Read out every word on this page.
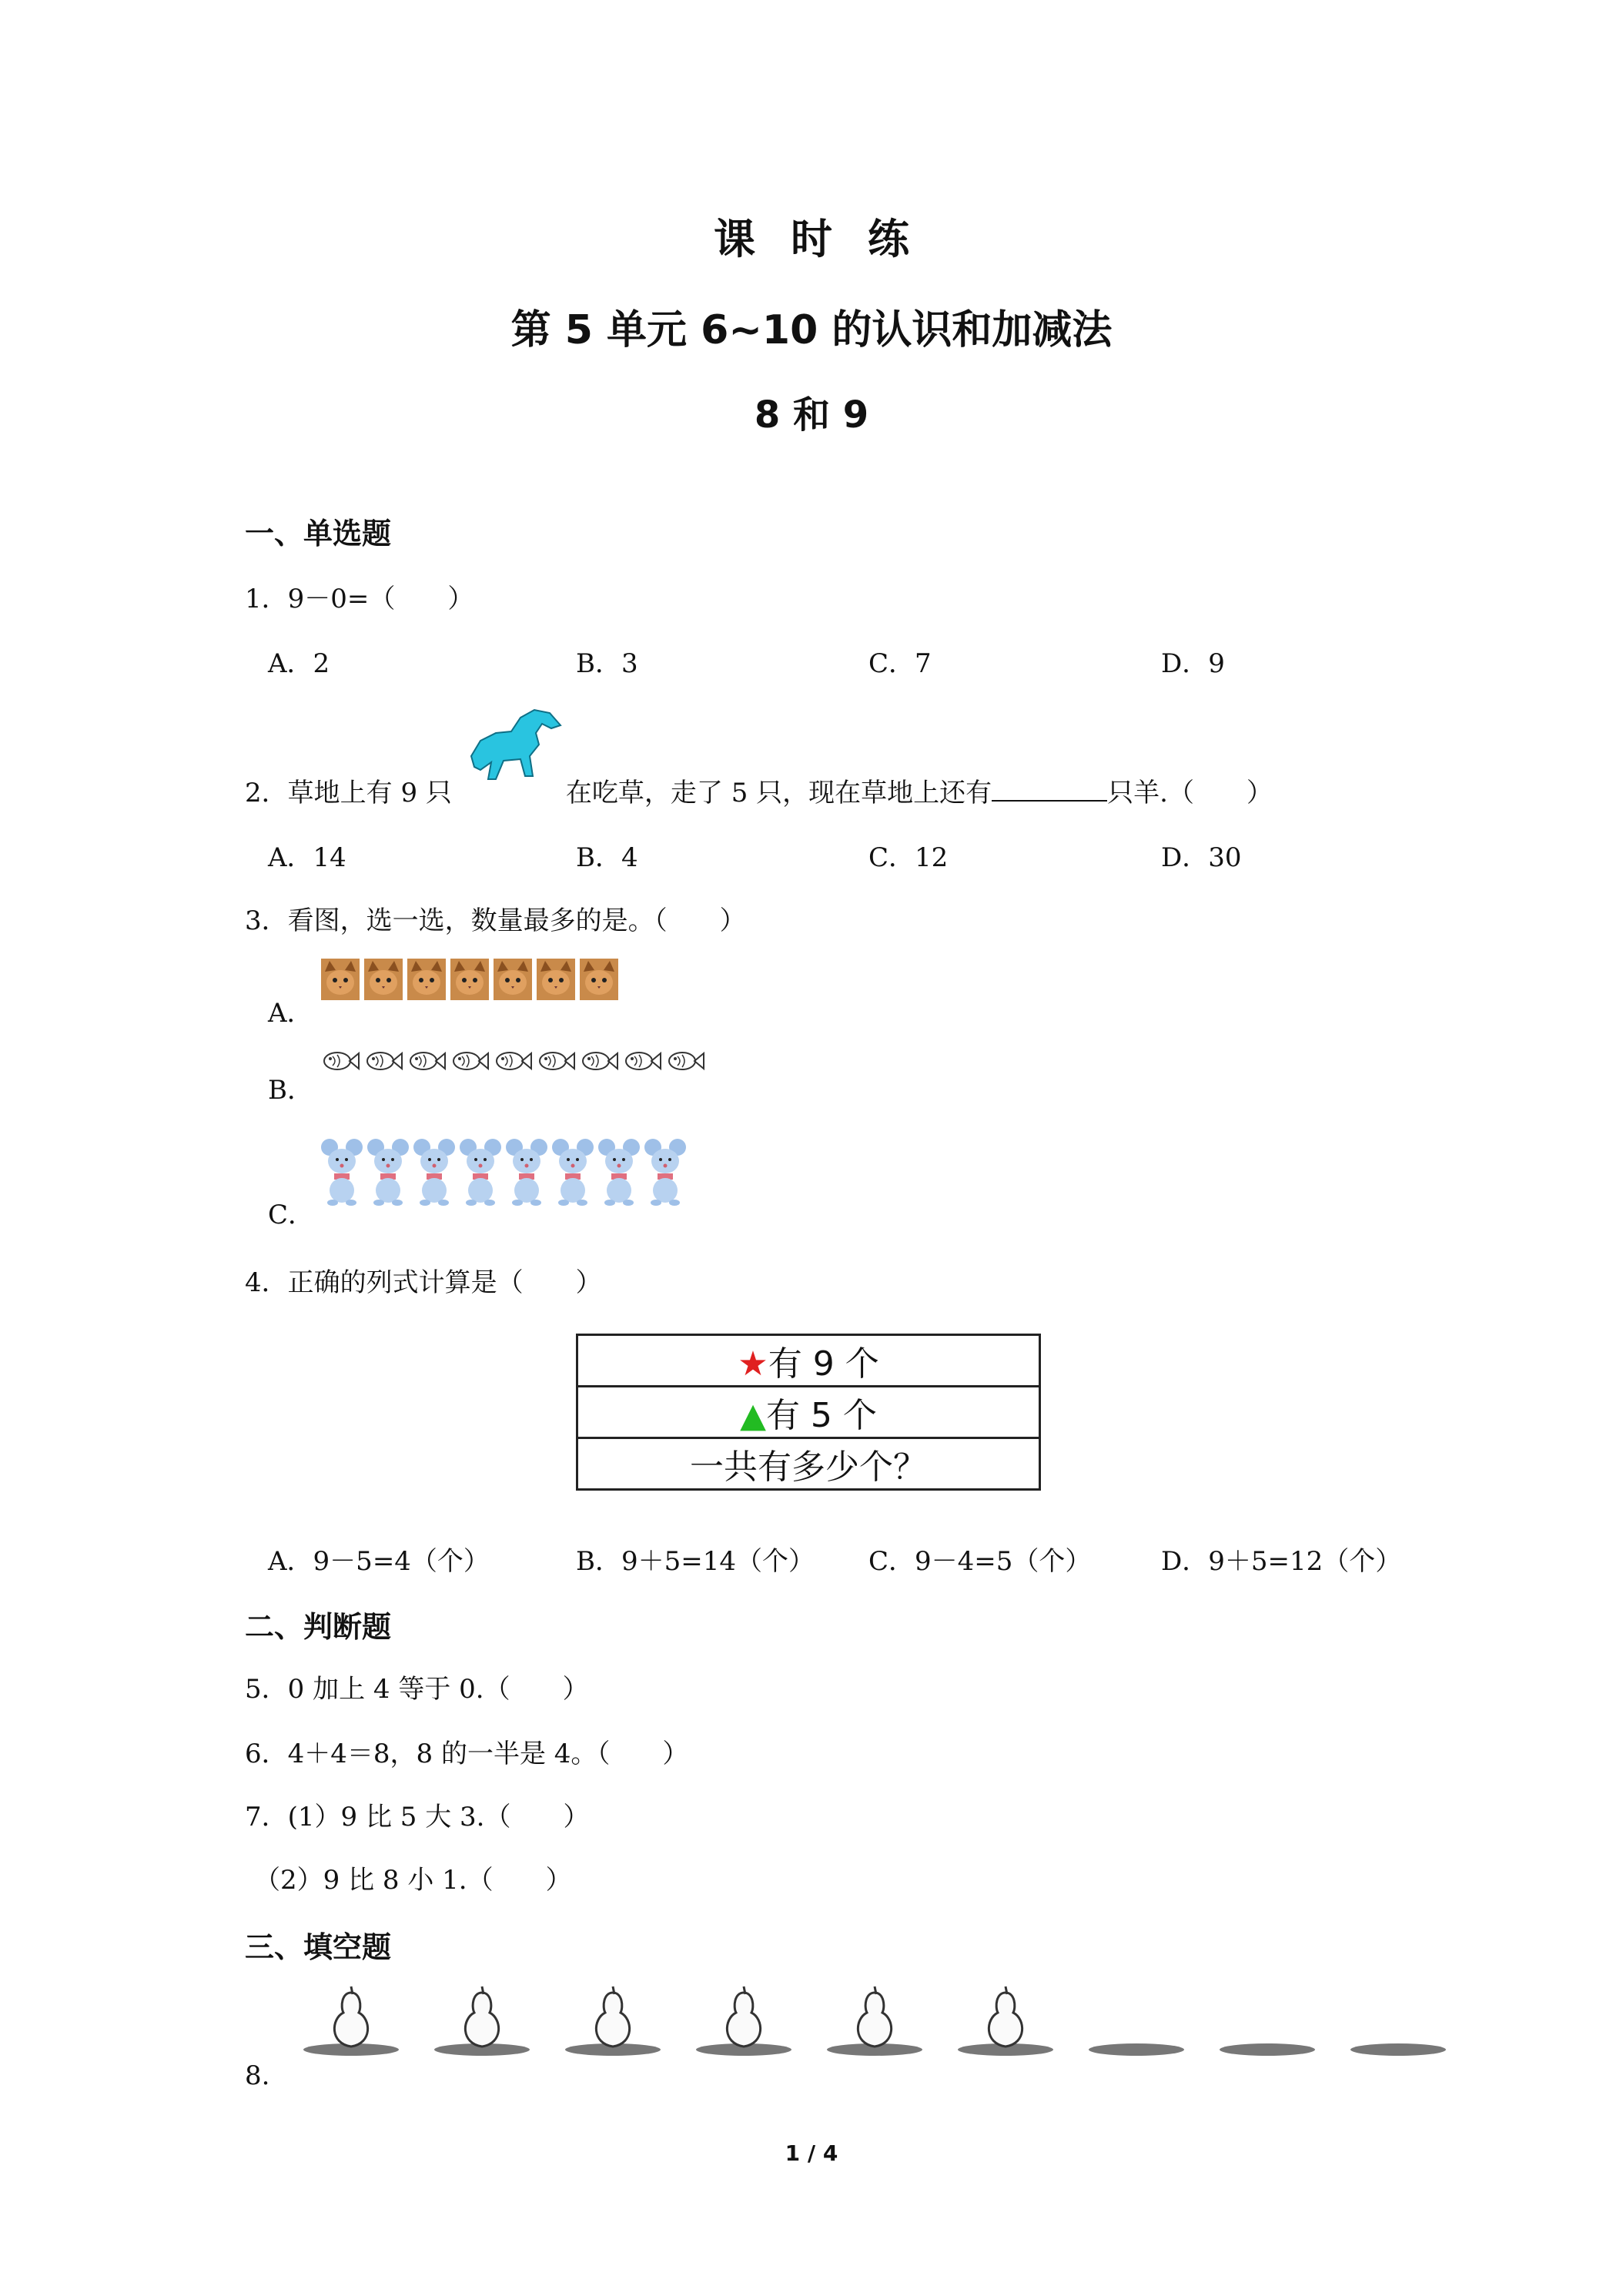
课时练
第 5 单元 6~10 的认识和加减法
8 和 9
一、单选题
1．9－0=（　　）
A．2	B．3	C．7	D．9
2．草地上有 9 只	在吃草，走了 5 只，现在草地上还有	只羊.（　　）
A．14	B．4	C．12	D．30
3．看图，选一选，数量最多的是。（　　）
A．
B．
C．
4．正确的列式计算是（　　）
★有 9 个
▲有 5 个
一共有多少个？
A．9－5=4（个）	B．9＋5=14（个） C．9－4=5（个）	D．9＋5=12（个）
二、判断题
5．0 加上 4 等于 0.（　　）
6．4＋4＝8，8 的一半是 4。（　　）
7．(1）9 比 5 大 3.（　　）
（2）9 比 8 小 1.（　　）
三、填空题
8.
1 / 4
